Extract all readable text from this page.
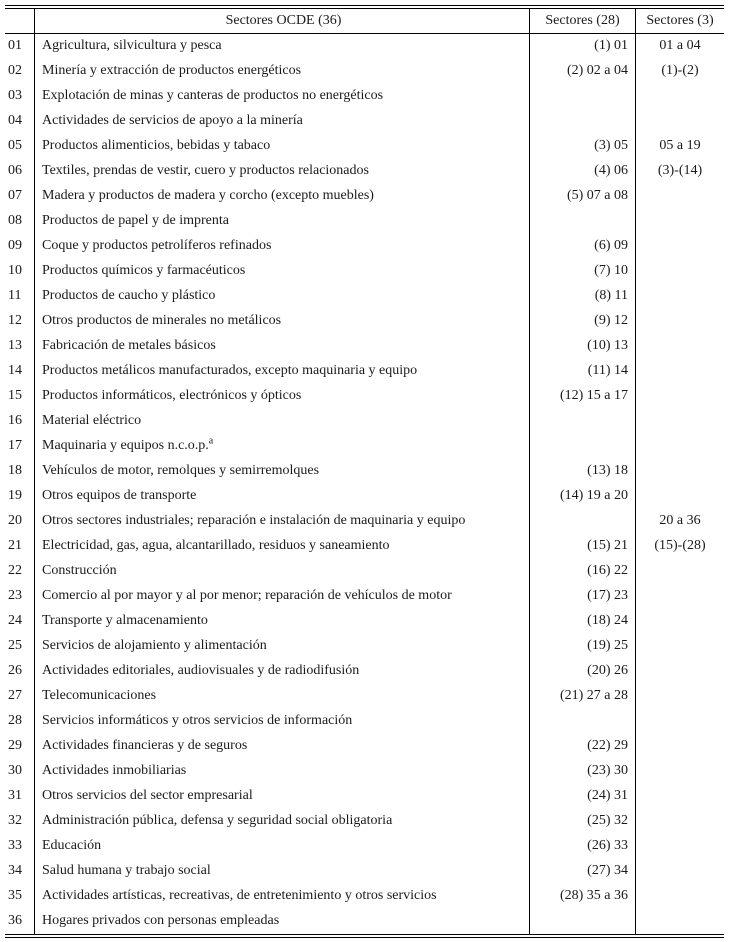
	Sectores OCDE (36)	Sectores (28)	Sectores (3)
01	Agricultura, silvicultura y pesca	(1) 01	01 a 04
02	Minería y extracción de productos energéticos	(2) 02 a 04	(1)-(2)
03	Explotación de minas y canteras de productos no energéticos		
04	Actividades de servicios de apoyo a la minería		
05	Productos alimenticios, bebidas y tabaco	(3) 05	05 a 19
06	Textiles, prendas de vestir, cuero y productos relacionados	(4) 06	(3)-(14)
07	Madera y productos de madera y corcho (excepto muebles)	(5) 07 a 08	
08	Productos de papel y de imprenta		
09	Coque y productos petrolíferos refinados	(6) 09	
10	Productos químicos y farmacéuticos	(7) 10	
11	Productos de caucho y plástico	(8) 11	
12	Otros productos de minerales no metálicos	(9) 12	
13	Fabricación de metales básicos	(10) 13	
14	Productos metálicos manufacturados, excepto maquinaria y equipo	(11) 14	
15	Productos informáticos, electrónicos y ópticos	(12) 15 a 17	
16	Material eléctrico		
17	Maquinaria y equipos n.c.o.p.$^a$		
18	Vehículos de motor, remolques y semirremolques	(13) 18	
19	Otros equipos de transporte	(14) 19 a 20	
20	Otros sectores industriales; reparación e instalación de maquinaria y equipo		20 a 36
21	Electricidad, gas, agua, alcantarillado, residuos y saneamiento	(15) 21	(15)-(28)
22	Construcción	(16) 22	
23	Comercio al por mayor y al por menor; reparación de vehículos de motor	(17) 23	
24	Transporte y almacenamiento	(18) 24	
25	Servicios de alojamiento y alimentación	(19) 25	
26	Actividades editoriales, audiovisuales y de radiodifusión	(20) 26	
27	Telecomunicaciones	(21) 27 a 28	
28	Servicios informáticos y otros servicios de información		
29	Actividades financieras y de seguros	(22) 29	
30	Actividades inmobiliarias	(23) 30	
31	Otros servicios del sector empresarial	(24) 31	
32	Administración pública, defensa y seguridad social obligatoria	(25) 32	
33	Educación	(26) 33	
34	Salud humana y trabajo social	(27) 34	
35	Actividades artísticas, recreativas, de entretenimiento y otros servicios	(28) 35 a 36	
36	Hogares privados con personas empleadas		
